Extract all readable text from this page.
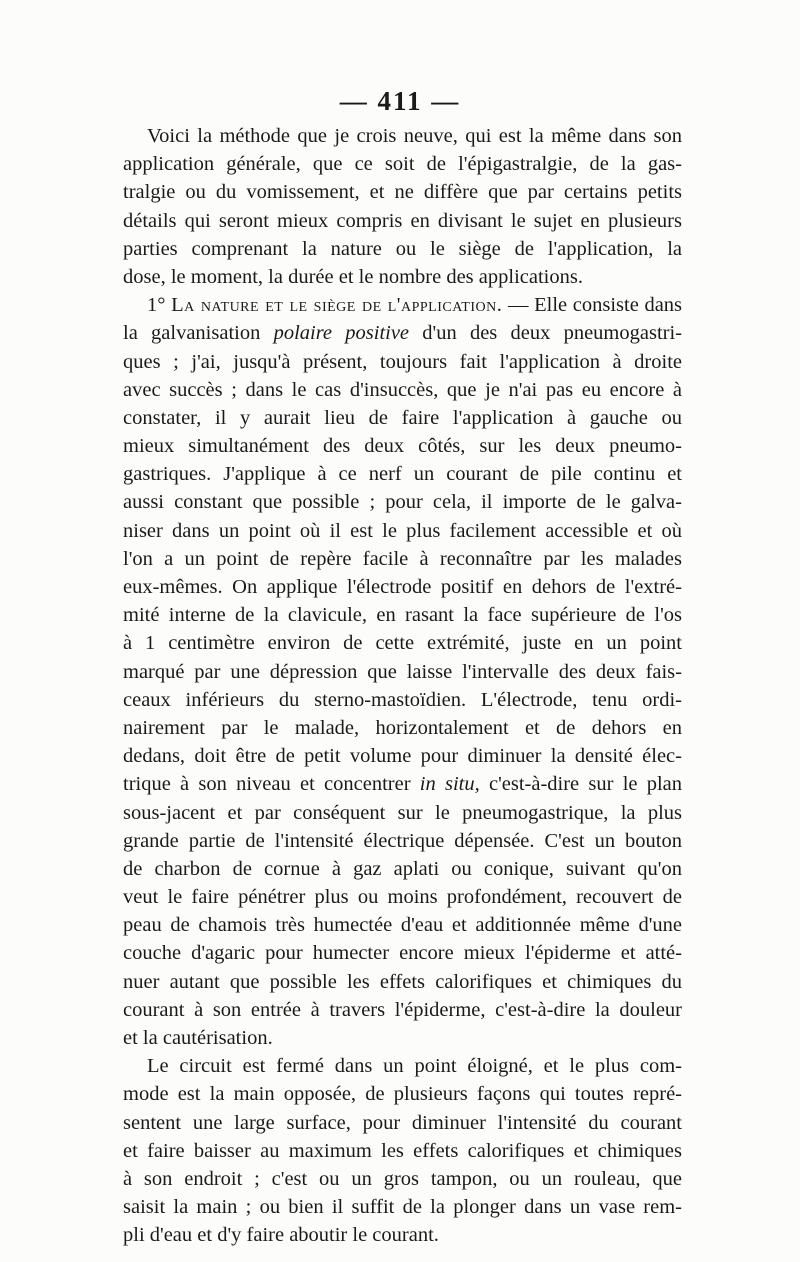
— 411 —
Voici la méthode que je crois neuve, qui est la même dans son
application générale, que ce soit de l'épigastralgie, de la gas-
tralgie ou du vomissement, et ne diffère que par certains petits
détails qui seront mieux compris en divisant le sujet en plusieurs
parties comprenant la nature ou le siège de l'application, la
dose, le moment, la durée et le nombre des applications.
1° La nature et le siège de l'application. — Elle consiste dans
la galvanisation polaire positive d'un des deux pneumogastri-
ques ; j'ai, jusqu'à présent, toujours fait l'application à droite
avec succès ; dans le cas d'insuccès, que je n'ai pas eu encore à
constater, il y aurait lieu de faire l'application à gauche ou
mieux simultanément des deux côtés, sur les deux pneumo-
gastriques. J'applique à ce nerf un courant de pile continu et
aussi constant que possible ; pour cela, il importe de le galva-
niser dans un point où il est le plus facilement accessible et où
l'on a un point de repère facile à reconnaître par les malades
eux-mêmes. On applique l'électrode positif en dehors de l'extré-
mité interne de la clavicule, en rasant la face supérieure de l'os
à 1 centimètre environ de cette extrémité, juste en un point
marqué par une dépression que laisse l'intervalle des deux fais-
ceaux inférieurs du sterno-mastoïdien. L'électrode, tenu ordi-
nairement par le malade, horizontalement et de dehors en
dedans, doit être de petit volume pour diminuer la densité élec-
trique à son niveau et concentrer in situ, c'est-à-dire sur le plan
sous-jacent et par conséquent sur le pneumogastrique, la plus
grande partie de l'intensité électrique dépensée. C'est un bouton
de charbon de cornue à gaz aplati ou conique, suivant qu'on
veut le faire pénétrer plus ou moins profondément, recouvert de
peau de chamois très humectée d'eau et additionnée même d'une
couche d'agaric pour humecter encore mieux l'épiderme et atté-
nuer autant que possible les effets calorifiques et chimiques du
courant à son entrée à travers l'épiderme, c'est-à-dire la douleur
et la cautérisation.
Le circuit est fermé dans un point éloigné, et le plus com-
mode est la main opposée, de plusieurs façons qui toutes repré-
sentent une large surface, pour diminuer l'intensité du courant
et faire baisser au maximum les effets calorifiques et chimiques
à son endroit ; c'est ou un gros tampon, ou un rouleau, que
saisit la main ; ou bien il suffit de la plonger dans un vase rem-
pli d'eau et d'y faire aboutir le courant.
